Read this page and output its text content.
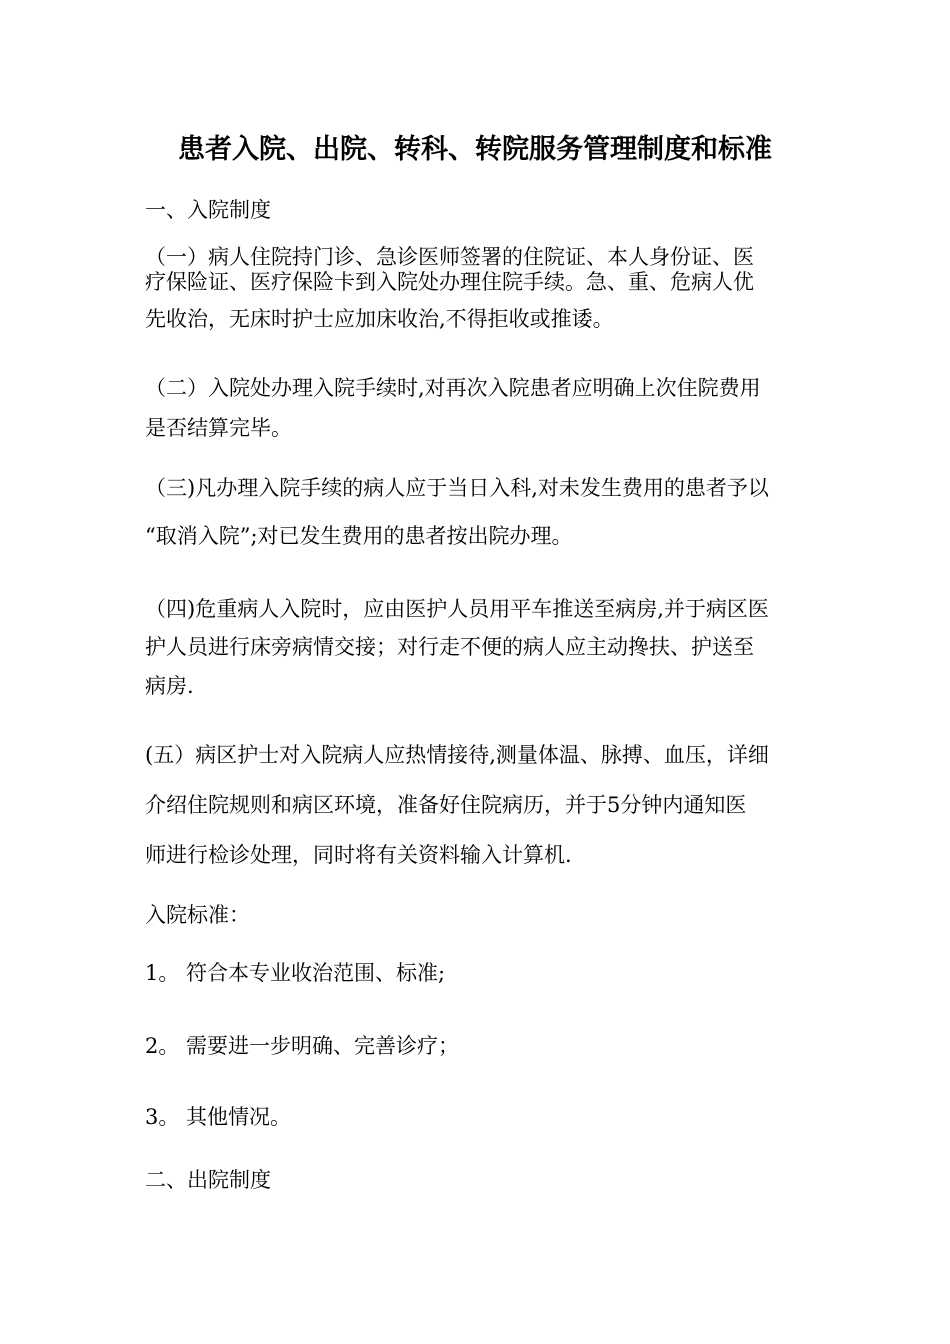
患者入院、出院、转科、转院服务管理制度和标准
一、入院制度
（一）病人住院持门诊、急诊医师签署的住院证、本人身份证、医
疗保险证、医疗保险卡到入院处办理住院手续。急、重、危病人优
先收治，无床时护士应加床收治,不得拒收或推诿。
（二）入院处办理入院手续时,对再次入院患者应明确上次住院费用
是否结算完毕。
（三)凡办理入院手续的病人应于当日入科,对未发生费用的患者予以
“取消入院”;对已发生费用的患者按出院办理。
（四)危重病人入院时，应由医护人员用平车推送至病房,并于病区医
护人员进行床旁病情交接；对行走不便的病人应主动搀扶、护送至
病房.
(五）病区护士对入院病人应热情接待,测量体温、脉搏、血压，详细
介绍住院规则和病区环境，准备好住院病历，并于5分钟内通知医
师进行检诊处理，同时将有关资料输入计算机.
入院标准：
1。 符合本专业收治范围、标准;
2。 需要进一步明确、完善诊疗；
3。 其他情况。
二、出院制度
